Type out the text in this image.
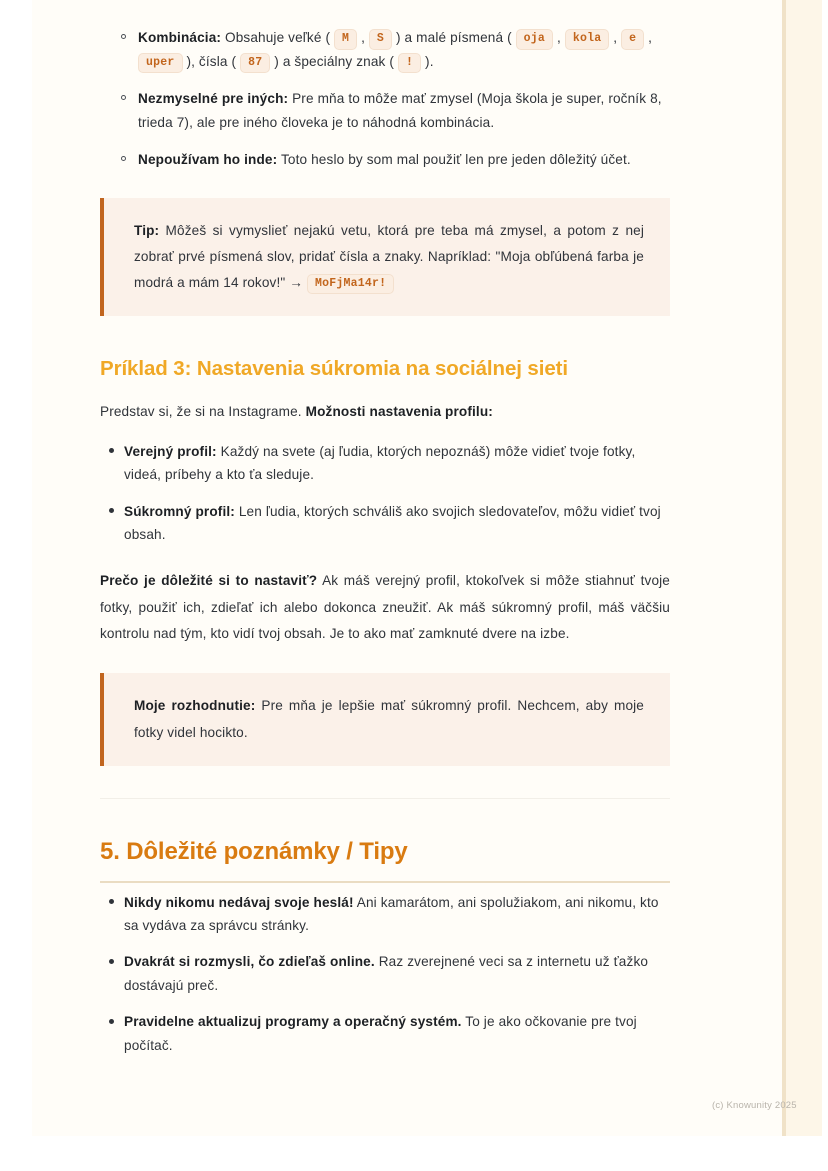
Kombinácia: Obsahuje veľké ( M , S ) a malé písmená ( oja , kola , e , uper ), čísla ( 87 ) a špeciálny znak ( ! ).
Nezmyselné pre iných: Pre mňa to môže mať zmysel (Moja škola je super, ročník 8, trieda 7), ale pre iného človeka je to náhodná kombinácia.
Nepoužívam ho inde: Toto heslo by som mal použiť len pre jeden dôležitý účet.

Tip: Môžeš si vymyslieť nejakú vetu, ktorá pre teba má zmysel, a potom z nej zobrať prvé písmená slov, pridať čísla a znaky. Napríklad: "Moja obľúbená farba je modrá a mám 14 rokov!" → MoFjMa14r!

Príklad 3: Nastavenia súkromia na sociálnej sieti

Predstav si, že si na Instagrame. Možnosti nastavenia profilu:

Verejný profil: Každý na svete (aj ľudia, ktorých nepoznáš) môže vidieť tvoje fotky, videá, príbehy a kto ťa sleduje.
Súkromný profil: Len ľudia, ktorých schváliš ako svojich sledovateľov, môžu vidieť tvoj obsah.

Prečo je dôležité si to nastaviť? Ak máš verejný profil, ktokoľvek si môže stiahnuť tvoje fotky, použiť ich, zdieľať ich alebo dokonca zneužiť. Ak máš súkromný profil, máš väčšiu kontrolu nad tým, kto vidí tvoj obsah. Je to ako mať zamknuté dvere na izbe.

Moje rozhodnutie: Pre mňa je lepšie mať súkromný profil. Nechcem, aby moje fotky videl hocikto.

5. Dôležité poznámky / Tipy
Nikdy nikomu nedávaj svoje heslá! Ani kamarátom, ani spolužiakom, ani nikomu, kto sa vydáva za správcu stránky.
Dvakrát si rozmysli, čo zdieľaš online. Raz zverejnené veci sa z internetu už ťažko dostávajú preč.
Pravidelne aktualizuj programy a operačný systém. To je ako očkovanie pre tvoj počítač.
(c) Knowunity 2025
